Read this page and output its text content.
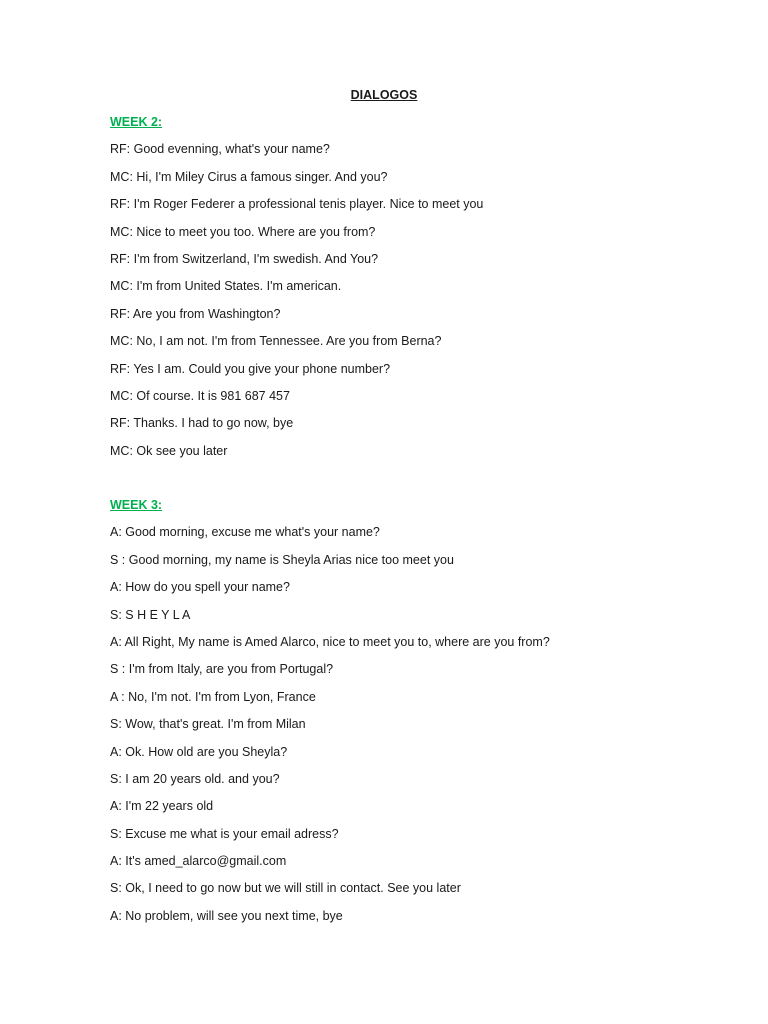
DIALOGOS
WEEK 2:
RF: Good evenning, what's your name?
MC: Hi, I'm Miley Cirus a famous singer. And you?
RF: I'm Roger Federer a professional tenis player. Nice to meet you
MC: Nice to meet you too. Where are you from?
RF: I'm from Switzerland, I'm swedish. And You?
MC: I'm from United States. I'm american.
RF: Are you from Washington?
MC: No, I am not. I'm from Tennessee. Are you from Berna?
RF: Yes I am. Could you give your phone number?
MC: Of course. It is 981 687 457
RF: Thanks. I had to go now, bye
MC: Ok see you later
WEEK 3:
A: Good morning, excuse me what's your name?
S : Good morning, my name is Sheyla Arias nice too meet you
A: How do you spell your name?
S: S H E Y L A
A: All Right, My name is Amed Alarco, nice to meet you to, where are you from?
S : I'm from Italy, are you from Portugal?
A : No, I'm not. I'm from Lyon, France
S: Wow, that's great. I'm from Milan
A: Ok. How old are you Sheyla?
S: I am 20 years old. and you?
A: I'm 22 years old
S: Excuse me what is your email adress?
A: It's amed_alarco@gmail.com
S: Ok, I need to go now but we will still in contact. See you later
A: No problem, will see you next time, bye
